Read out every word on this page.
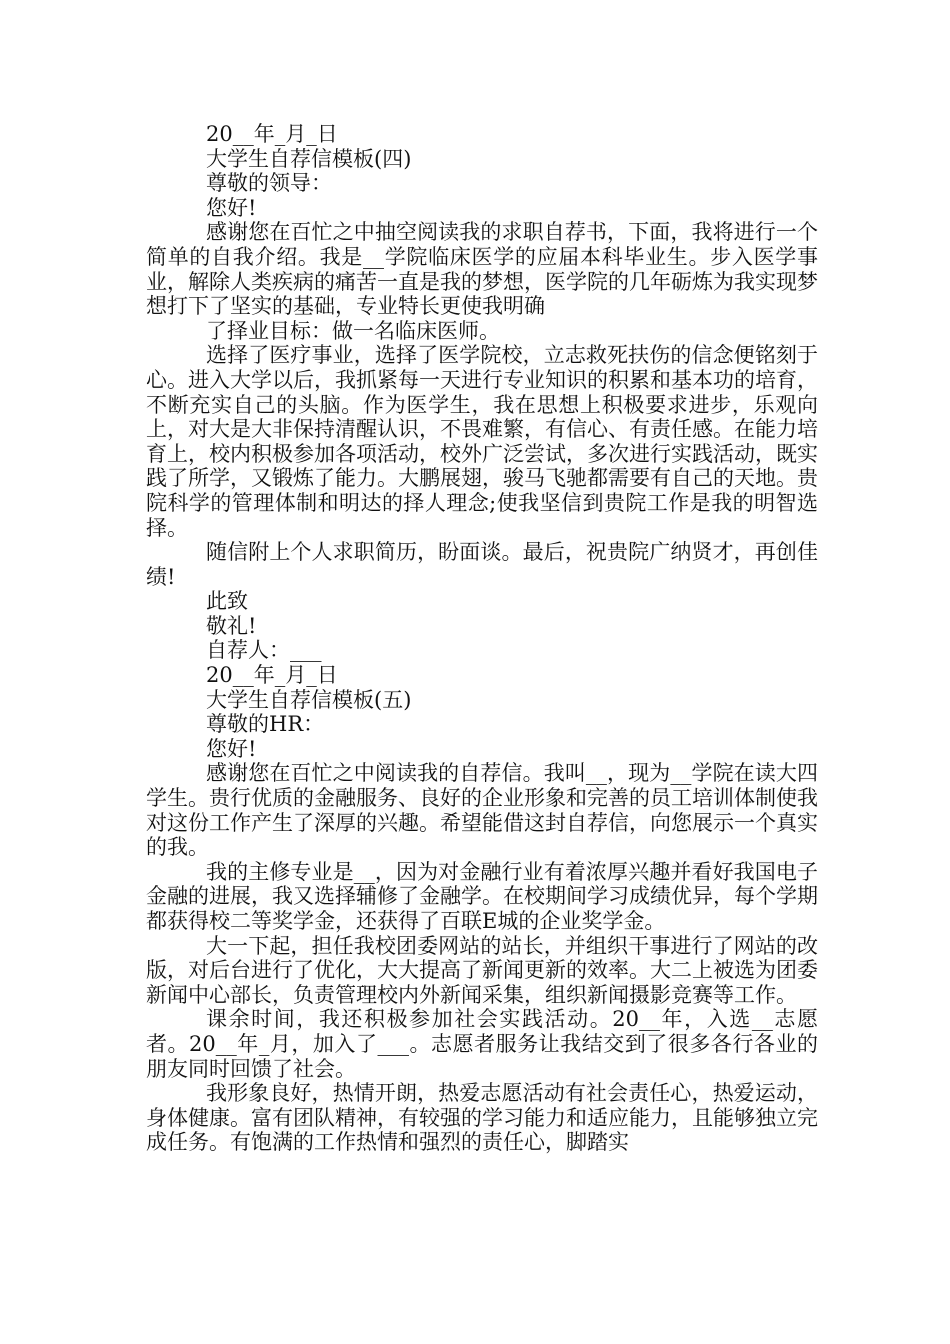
20__年_月_日

大学生自荐信模板(四)

尊敬的领导：

您好!

感谢您在百忙之中抽空阅读我的求职自荐书，下面，我将进行一个简单的自我介绍。我是__学院临床医学的应届本科毕业生。步入医学事业，解除人类疾病的痛苦一直是我的梦想，医学院的几年砺炼为我实现梦想打下了坚实的基础，专业特长更使我明确

了择业目标：做一名临床医师。

选择了医疗事业，选择了医学院校，立志救死扶伤的信念便铭刻于心。进入大学以后，我抓紧每一天进行专业知识的积累和基本功的培育，不断充实自己的头脑。作为医学生，我在思想上积极要求进步，乐观向上，对大是大非保持清醒认识，不畏难繁，有信心、有责任感。在能力培育上，校内积极参加各项活动，校外广泛尝试，多次进行实践活动，既实践了所学，又锻炼了能力。大鹏展翅，骏马飞驰都需要有自己的天地。贵院科学的管理体制和明达的择人理念;使我坚信到贵院工作是我的明智选择。

随信附上个人求职简历，盼面谈。最后，祝贵院广纳贤才，再创佳绩!

此致

敬礼!

自荐人：___

20__年_月_日

大学生自荐信模板(五)

尊敬的HR：

您好!

感谢您在百忙之中阅读我的自荐信。我叫__，现为__学院在读大四学生。贵行优质的金融服务、良好的企业形象和完善的员工培训体制使我对这份工作产生了深厚的兴趣。希望能借这封自荐信，向您展示一个真实的我。

我的主修专业是__，因为对金融行业有着浓厚兴趣并看好我国电子金融的进展，我又选择辅修了金融学。在校期间学习成绩优异，每个学期都获得校二等奖学金，还获得了百联E城的企业奖学金。

大一下起，担任我校团委网站的站长，并组织干事进行了网站的改版，对后台进行了优化，大大提高了新闻更新的效率。大二上被选为团委新闻中心部长，负责管理校内外新闻采集，组织新闻摄影竞赛等工作。

课余时间，我还积极参加社会实践活动。20__年，入选__志愿者。20__年_月，加入了___。志愿者服务让我结交到了很多各行各业的朋友同时回馈了社会。

我形象良好，热情开朗，热爱志愿活动有社会责任心，热爱运动，身体健康。富有团队精神，有较强的学习能力和适应能力，且能够独立完成任务。有饱满的工作热情和强烈的责任心，脚踏实
